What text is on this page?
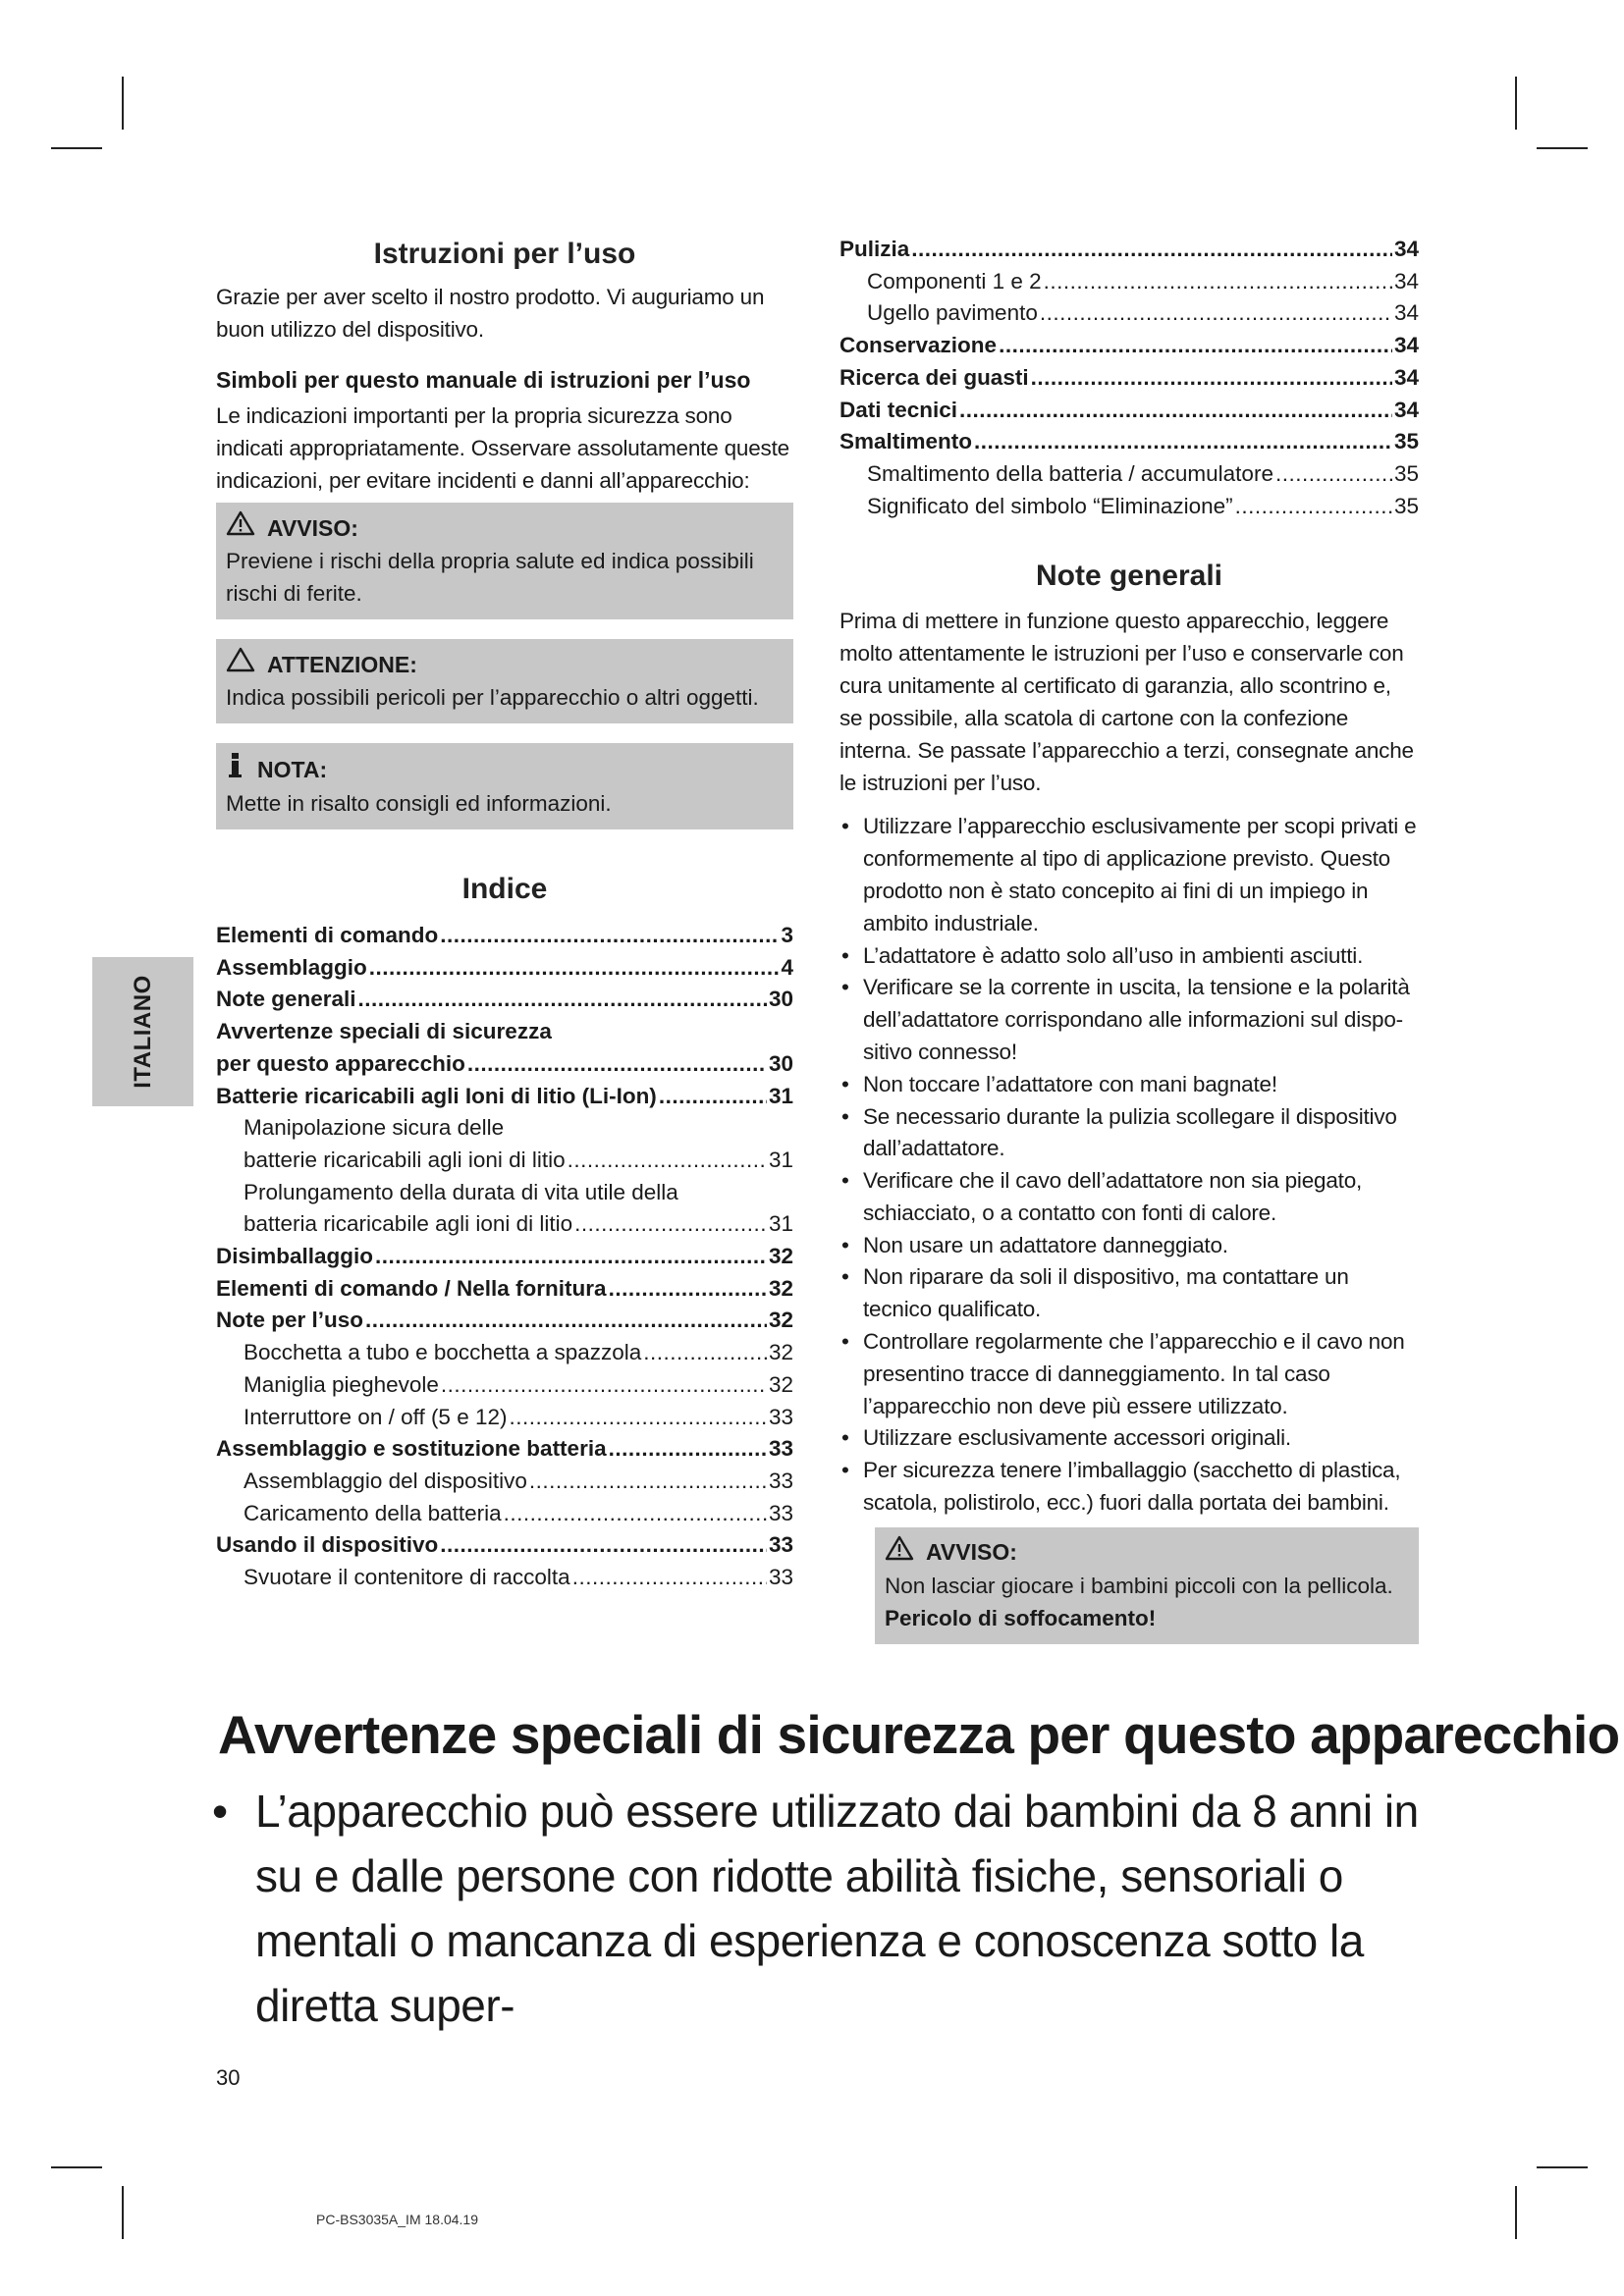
ITALIANO
Istruzioni per l’uso

Grazie per aver scelto il nostro prodotto. Vi auguriamo un buon utilizzo del dispositivo.

Simboli per questo manuale di istruzioni per l’uso

Le indicazioni importanti per la propria sicurezza sono indicati appropriatamente. Osservare assolutamente queste indicazioni, per evitare incidenti e danni all’apparecchio:

AVVISO:
Previene i rischi della propria salute ed indica possibili rischi di ferite.
ATTENZIONE:
Indica possibili pericoli per l’apparecchio o altri oggetti.
NOTA:
Mette in risalto consigli ed informazioni.
Indice
Elementi di comando .....	3
Assemblaggio .....	4
Note generali .....	30
Avvertenze speciali di sicurezza
per questo apparecchio .....	30
Batterie ricaricabili agli Ioni di litio (Li-Ion) .....	31
Manipolazione sicura delle
batterie ricaricabili agli ioni di litio .....	31
Prolungamento della durata di vita utile della
batteria ricaricabile agli ioni di litio .....	31
Disimballaggio .....	32
Elementi di comando / Nella fornitura .....	32
Note per l’uso .....	32
Bocchetta a tubo e bocchetta a spazzola .....	32
Maniglia pieghevole .....	32
Interruttore on / off (5 e 12) .....	33
Assemblaggio e sostituzione batteria .....	33
Assemblaggio del dispositivo .....	33
Caricamento della batteria .....	33
Usando il dispositivo .....	33
Svuotare il contenitore di raccolta .....	33
Pulizia .....	34
Componenti 1 e 2 .....	34
Ugello pavimento .....	34
Conservazione .....	34
Ricerca dei guasti .....	34
Dati tecnici .....	34
Smaltimento .....	35
Smaltimento della batteria / accumulatore .....	35
Significato del simbolo “Eliminazione” .....	35
Note generali

Prima di mettere in funzione questo apparecchio, leggere molto attentamente le istruzioni per l’uso e conservarle con cura unitamente al certificato di garanzia, allo scontrino e, se possibile, alla scatola di cartone con la confezione interna. Se passate l’apparecchio a terzi, consegnate anche le istruzioni per l’uso.

• Utilizzare l’apparecchio esclusivamente per scopi privati e conformemente al tipo di applicazione previsto. Questo prodotto non è stato concepito ai fini di un impiego in ambito industriale.
• L’adattatore è adatto solo all’uso in ambienti asciutti.
• Verificare se la corrente in uscita, la tensione e la polarità dell’adattatore corrispondano alle informazioni sul dispo-sitivo connesso!
• Non toccare l’adattatore con mani bagnate!
• Se necessario durante la pulizia scollegare il dispositivo dall’adattatore.
• Verificare che il cavo dell’adattatore non sia piegato, schiacciato, o a contatto con fonti di calore.
• Non usare un adattatore danneggiato.
• Non riparare da soli il dispositivo, ma contattare un tecnico qualificato.
• Controllare regolarmente che l’apparecchio e il cavo non presentino tracce di danneggiamento. In tal caso l’apparecchio non deve più essere utilizzato.
• Utilizzare esclusivamente accessori originali.
• Per sicurezza tenere l’imballaggio (sacchetto di plastica, scatola, polistirolo, ecc.) fuori dalla portata dei bambini.
AVVISO:
Non lasciar giocare i bambini piccoli con la pellicola.
Pericolo di soffocamento!
Avvertenze speciali di sicurezza per questo apparecchio
• L’apparecchio può essere utilizzato dai bambini da 8 anni in su e dalle persone con ridotte abilità fisiche, sensoriali o mentali o mancanza di esperienza e conoscenza sotto la diretta super-
30
PC-BS3035A_IM 18.04.19
